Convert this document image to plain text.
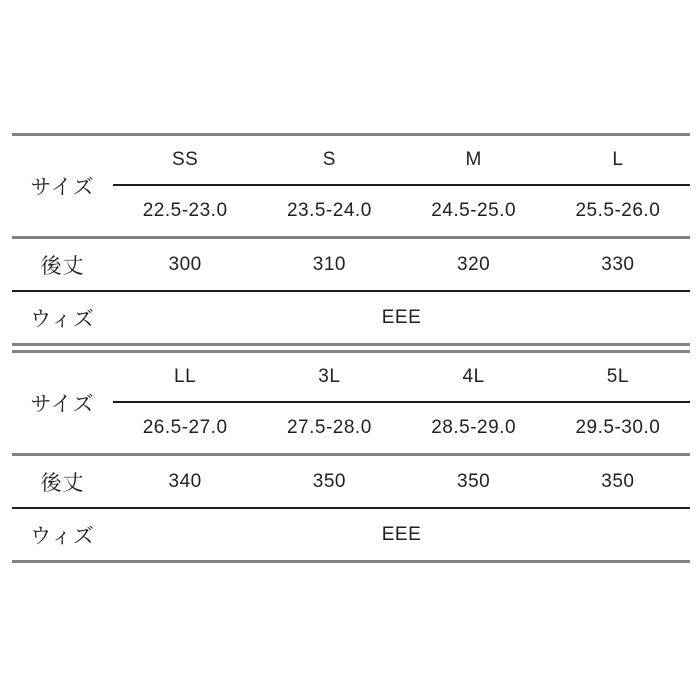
サイズ
SS	S	M	L
22.5-23.0	23.5-24.0	24.5-25.0	25.5-26.0
後丈	300	310	320	330
ウィズ	EEE
サイズ
LL	3L	4L	5L
26.5-27.0	27.5-28.0	28.5-29.0	29.5-30.0
後丈	340	350	350	350
ウィズ	EEE
